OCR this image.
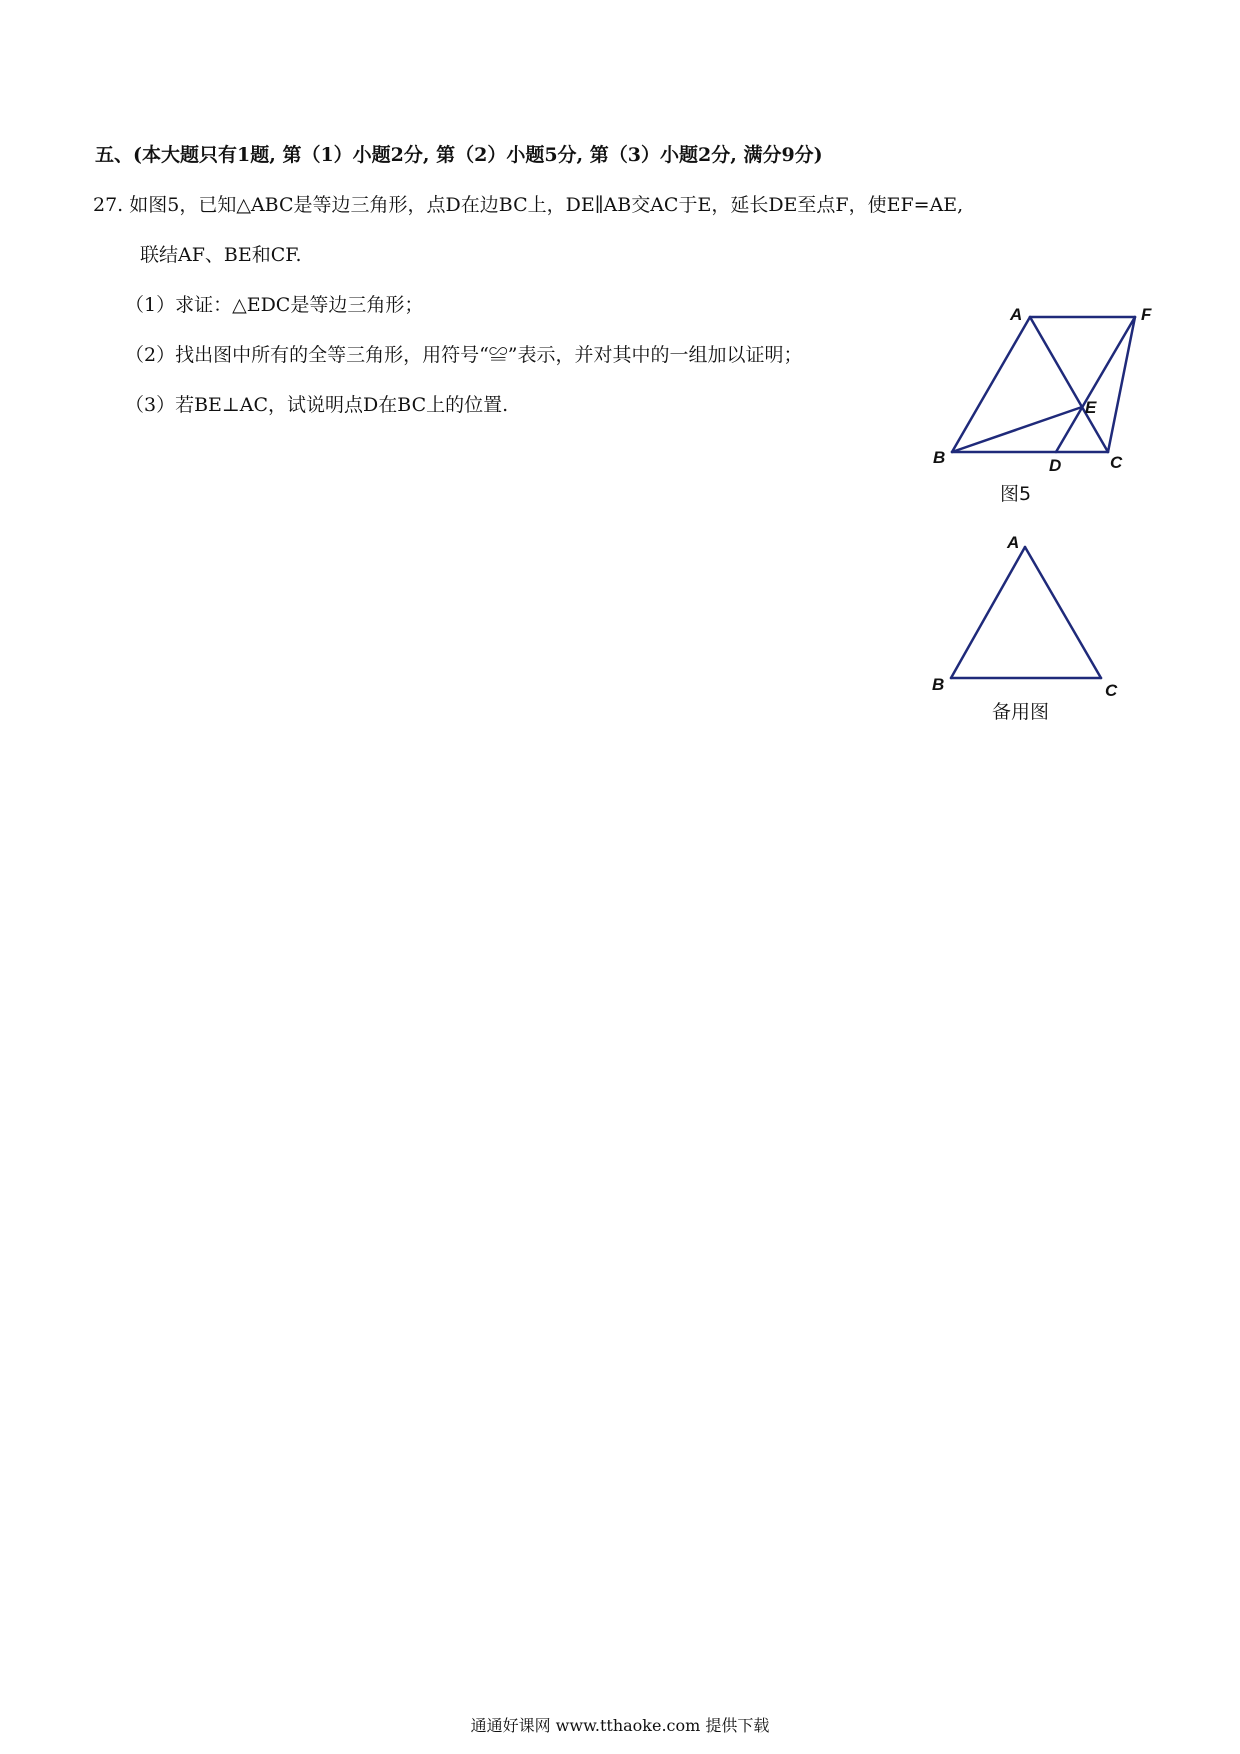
五、(本大题只有1题, 第（1）小题2分, 第（2）小题5分, 第（3）小题2分, 满分9分)
27. 如图5，已知△ABC是等边三角形，点D在边BC上，DE∥AB交AC于E，延长DE至点F，使EF=AE,
联结AF、BE和CF.
（1）求证：△EDC是等边三角形；
（2）找出图中所有的全等三角形，用符号“≌”表示，并对其中的一组加以证明；
（3）若BE⊥AC，试说明点D在BC上的位置.
A	F
E
B	D	C
图5
A
B	C
备用图
通通好课网 www.tthaoke.com 提供下载
